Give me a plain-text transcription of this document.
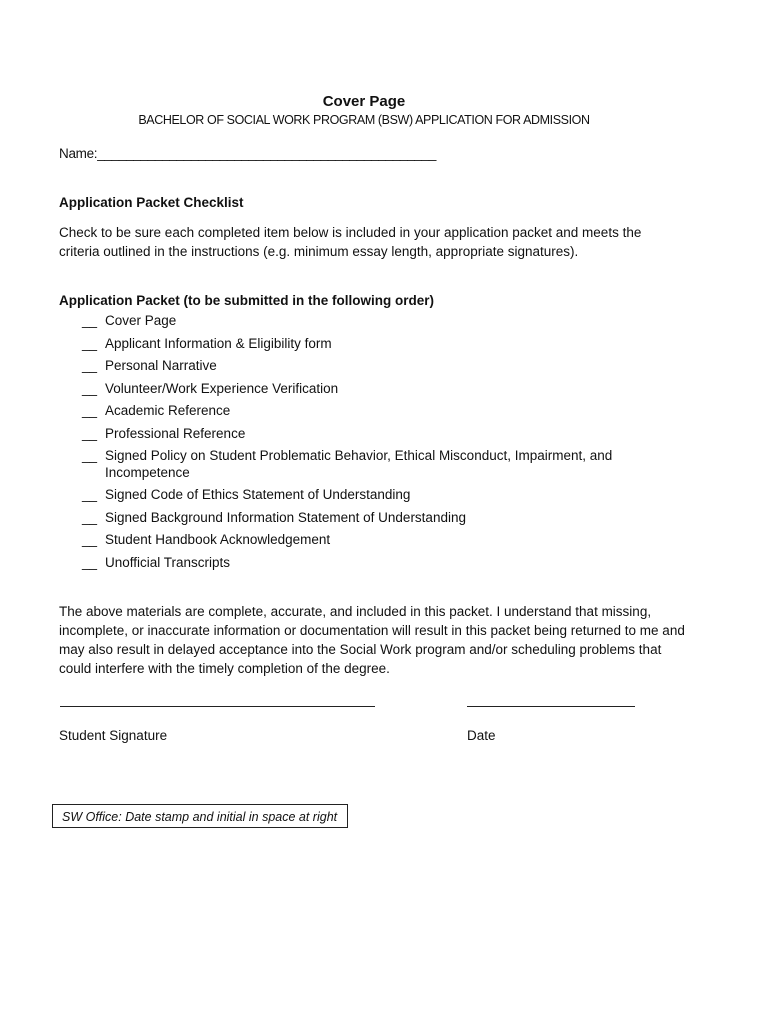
Cover Page
BACHELOR OF SOCIAL WORK PROGRAM (BSW) APPLICATION FOR ADMISSION
Name:_______________________________________________
Application Packet Checklist
Check to be sure each completed item below is included in your application packet and meets the criteria outlined in the instructions (e.g. minimum essay length, appropriate signatures).
Application Packet (to be submitted in the following order)
__ Cover Page
__ Applicant Information & Eligibility form
__ Personal Narrative
__ Volunteer/Work Experience Verification
__ Academic Reference
__ Professional Reference
__ Signed Policy on Student Problematic Behavior, Ethical Misconduct, Impairment, and Incompetence
__ Signed Code of Ethics Statement of Understanding
__ Signed Background Information Statement of Understanding
__ Student Handbook Acknowledgement
__ Unofficial Transcripts
The above materials are complete, accurate, and included in this packet. I understand that missing, incomplete, or inaccurate information or documentation will result in this packet being returned to me and may also result in delayed acceptance into the Social Work program and/or scheduling problems that could interfere with the timely completion of the degree.
Student Signature	Date
SW Office: Date stamp and initial in space at right
